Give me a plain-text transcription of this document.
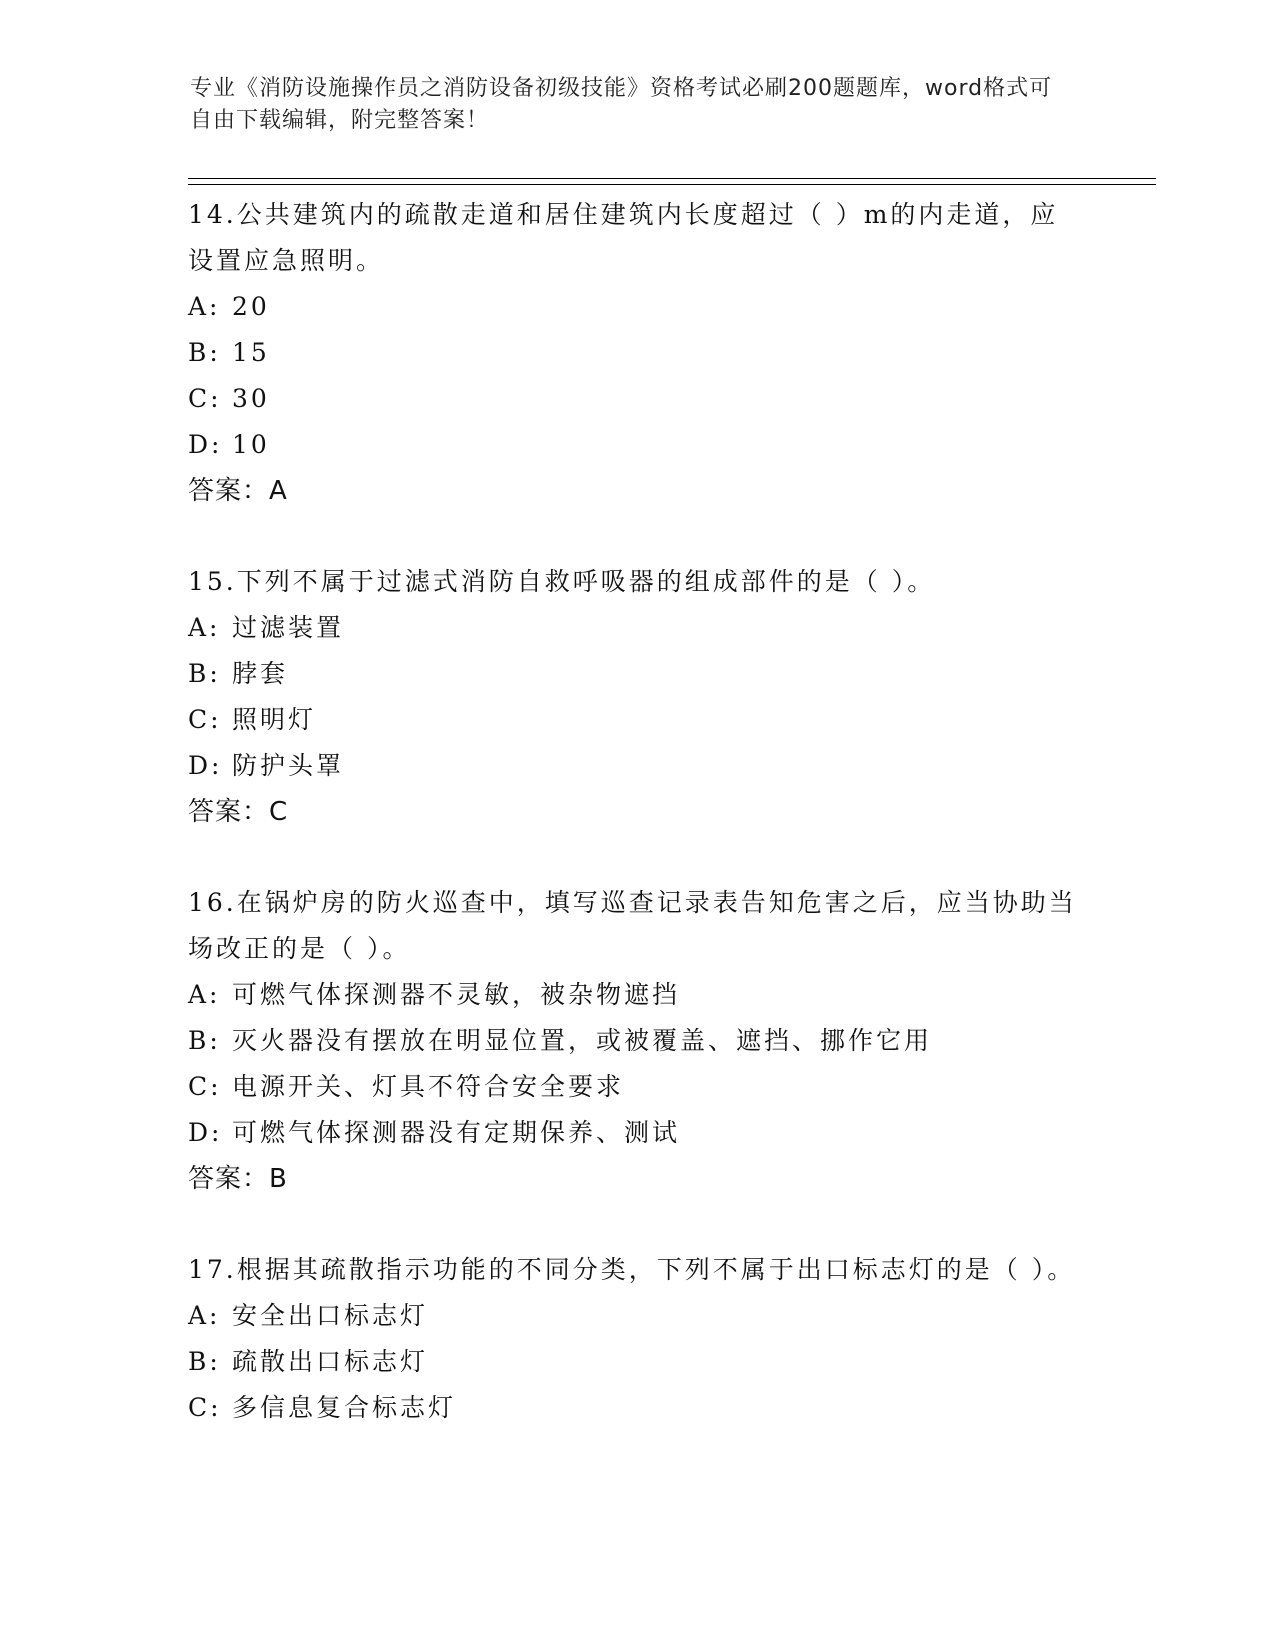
专业《消防设施操作员之消防设备初级技能》资格考试必刷200题题库，word格式可自由下载编辑，附完整答案！

14.公共建筑内的疏散走道和居住建筑内长度超过（ ）m的内走道，应设置应急照明。

A: 20

B: 15

C: 30

D: 10

答案：A

15.下列不属于过滤式消防自救呼吸器的组成部件的是（ ）。

A: 过滤装置

B: 脖套

C: 照明灯

D: 防护头罩

答案：C

16.在锅炉房的防火巡查中，填写巡查记录表告知危害之后，应当协助当场改正的是（ ）。

A: 可燃气体探测器不灵敏，被杂物遮挡

B: 灭火器没有摆放在明显位置，或被覆盖、遮挡、挪作它用

C: 电源开关、灯具不符合安全要求

D: 可燃气体探测器没有定期保养、测试

答案：B

17.根据其疏散指示功能的不同分类，下列不属于出口标志灯的是（ ）。

A: 安全出口标志灯

B: 疏散出口标志灯

C: 多信息复合标志灯
